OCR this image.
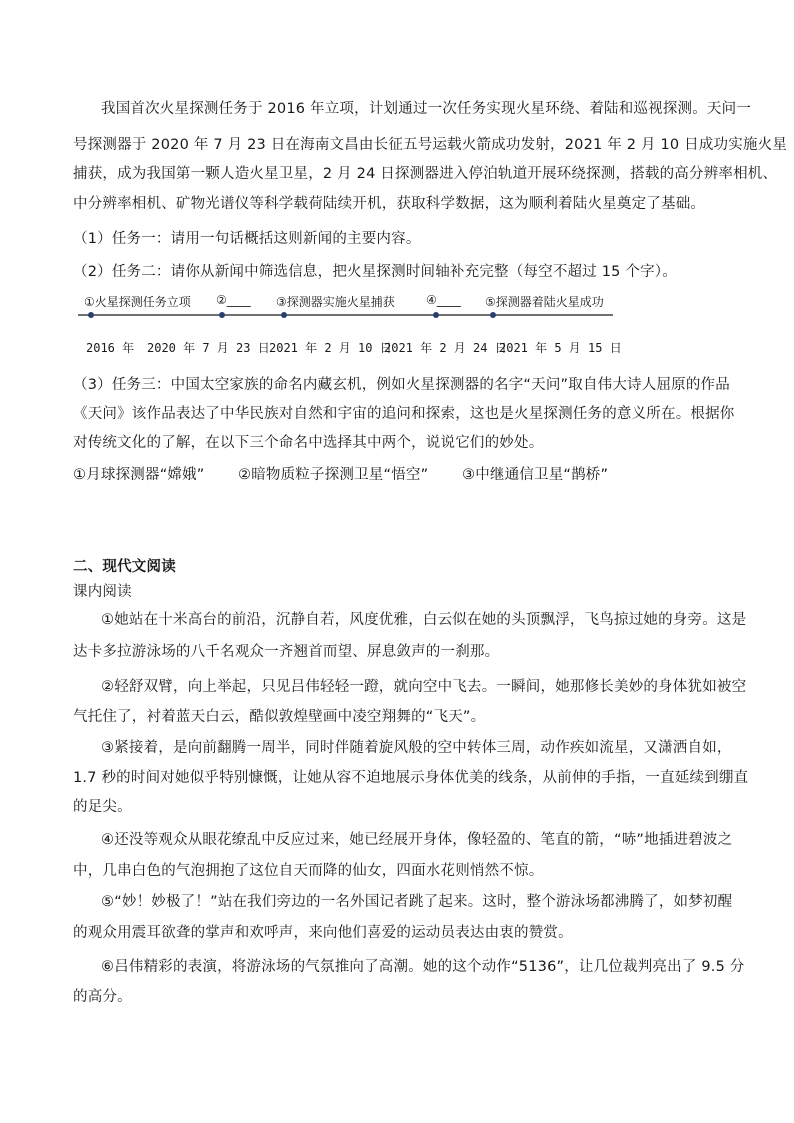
我国首次火星探测任务于 2016 年立项，计划通过一次任务实现火星环绕、着陆和巡视探测。天问一
号探测器于 2020 年 7 月 23 日在海南文昌由长征五号运载火箭成功发射，2021 年 2 月 10 日成功实施火星
捕获，成为我国第一颗人造火星卫星，2 月 24 日探测器进入停泊轨道开展环绕探测，搭载的高分辨率相机、
中分辨率相机、矿物光谱仪等科学载荷陆续开机，获取科学数据，这为顺利着陆火星奠定了基础。
（1）任务一：请用一句话概括这则新闻的主要内容。
（2）任务二：请你从新闻中筛选信息，把火星探测时间轴补充完整（每空不超过 15 个字）。
①火星探测任务立项 ②____ ③探测器实施火星捕获	④____ ⑤探测器着陆火星成功
2016 年 2020 年 7 月 23 日 2021 年 2 月 10 日
2021 年 2 月 24 日
2021 年 5 月 15 日
（3）任务三：中国太空家族的命名内藏玄机，例如火星探测器的名字“天问”取自伟大诗人屈原的作品
《天问》该作品表达了中华民族对自然和宇宙的追问和探索，这也是火星探测任务的意义所在。根据你
对传统文化的了解，在以下三个命名中选择其中两个，说说它们的妙处。
①月球探测器“嫦娥” ②暗物质粒子探测卫星“悟空” ③中继通信卫星“鹊桥”
二、现代文阅读
课内阅读
①她站在十米高台的前沿，沉静自若，风度优雅，白云似在她的头顶飘浮，飞鸟掠过她的身旁。这是
达卡多拉游泳场的八千名观众一齐翘首而望、屏息敛声的一刹那。
②轻舒双臂，向上举起，只见吕伟轻轻一蹬，就向空中飞去。一瞬间，她那修长美妙的身体犹如被空
气托住了，衬着蓝天白云，酷似敦煌壁画中凌空翔舞的“飞天”。
③紧接着，是向前翻腾一周半，同时伴随着旋风般的空中转体三周，动作疾如流星，又潇洒自如，
1.7 秒的时间对她似乎特别慷慨，让她从容不迫地展示身体优美的线条，从前伸的手指，一直延续到绷直
的足尖。
④还没等观众从眼花缭乱中反应过来，她已经展开身体，像轻盈的、笔直的箭，“哧”地插进碧波之
中，几串白色的气泡拥抱了这位自天而降的仙女，四面水花则悄然不惊。
⑤“妙！妙极了！”站在我们旁边的一名外国记者跳了起来。这时，整个游泳场都沸腾了，如梦初醒
的观众用震耳欲聋的掌声和欢呼声，来向他们喜爱的运动员表达由衷的赞赏。
⑥吕伟精彩的表演，将游泳场的气氛推向了高潮。她的这个动作“5136”，让几位裁判亮出了 9.5 分
的高分。
